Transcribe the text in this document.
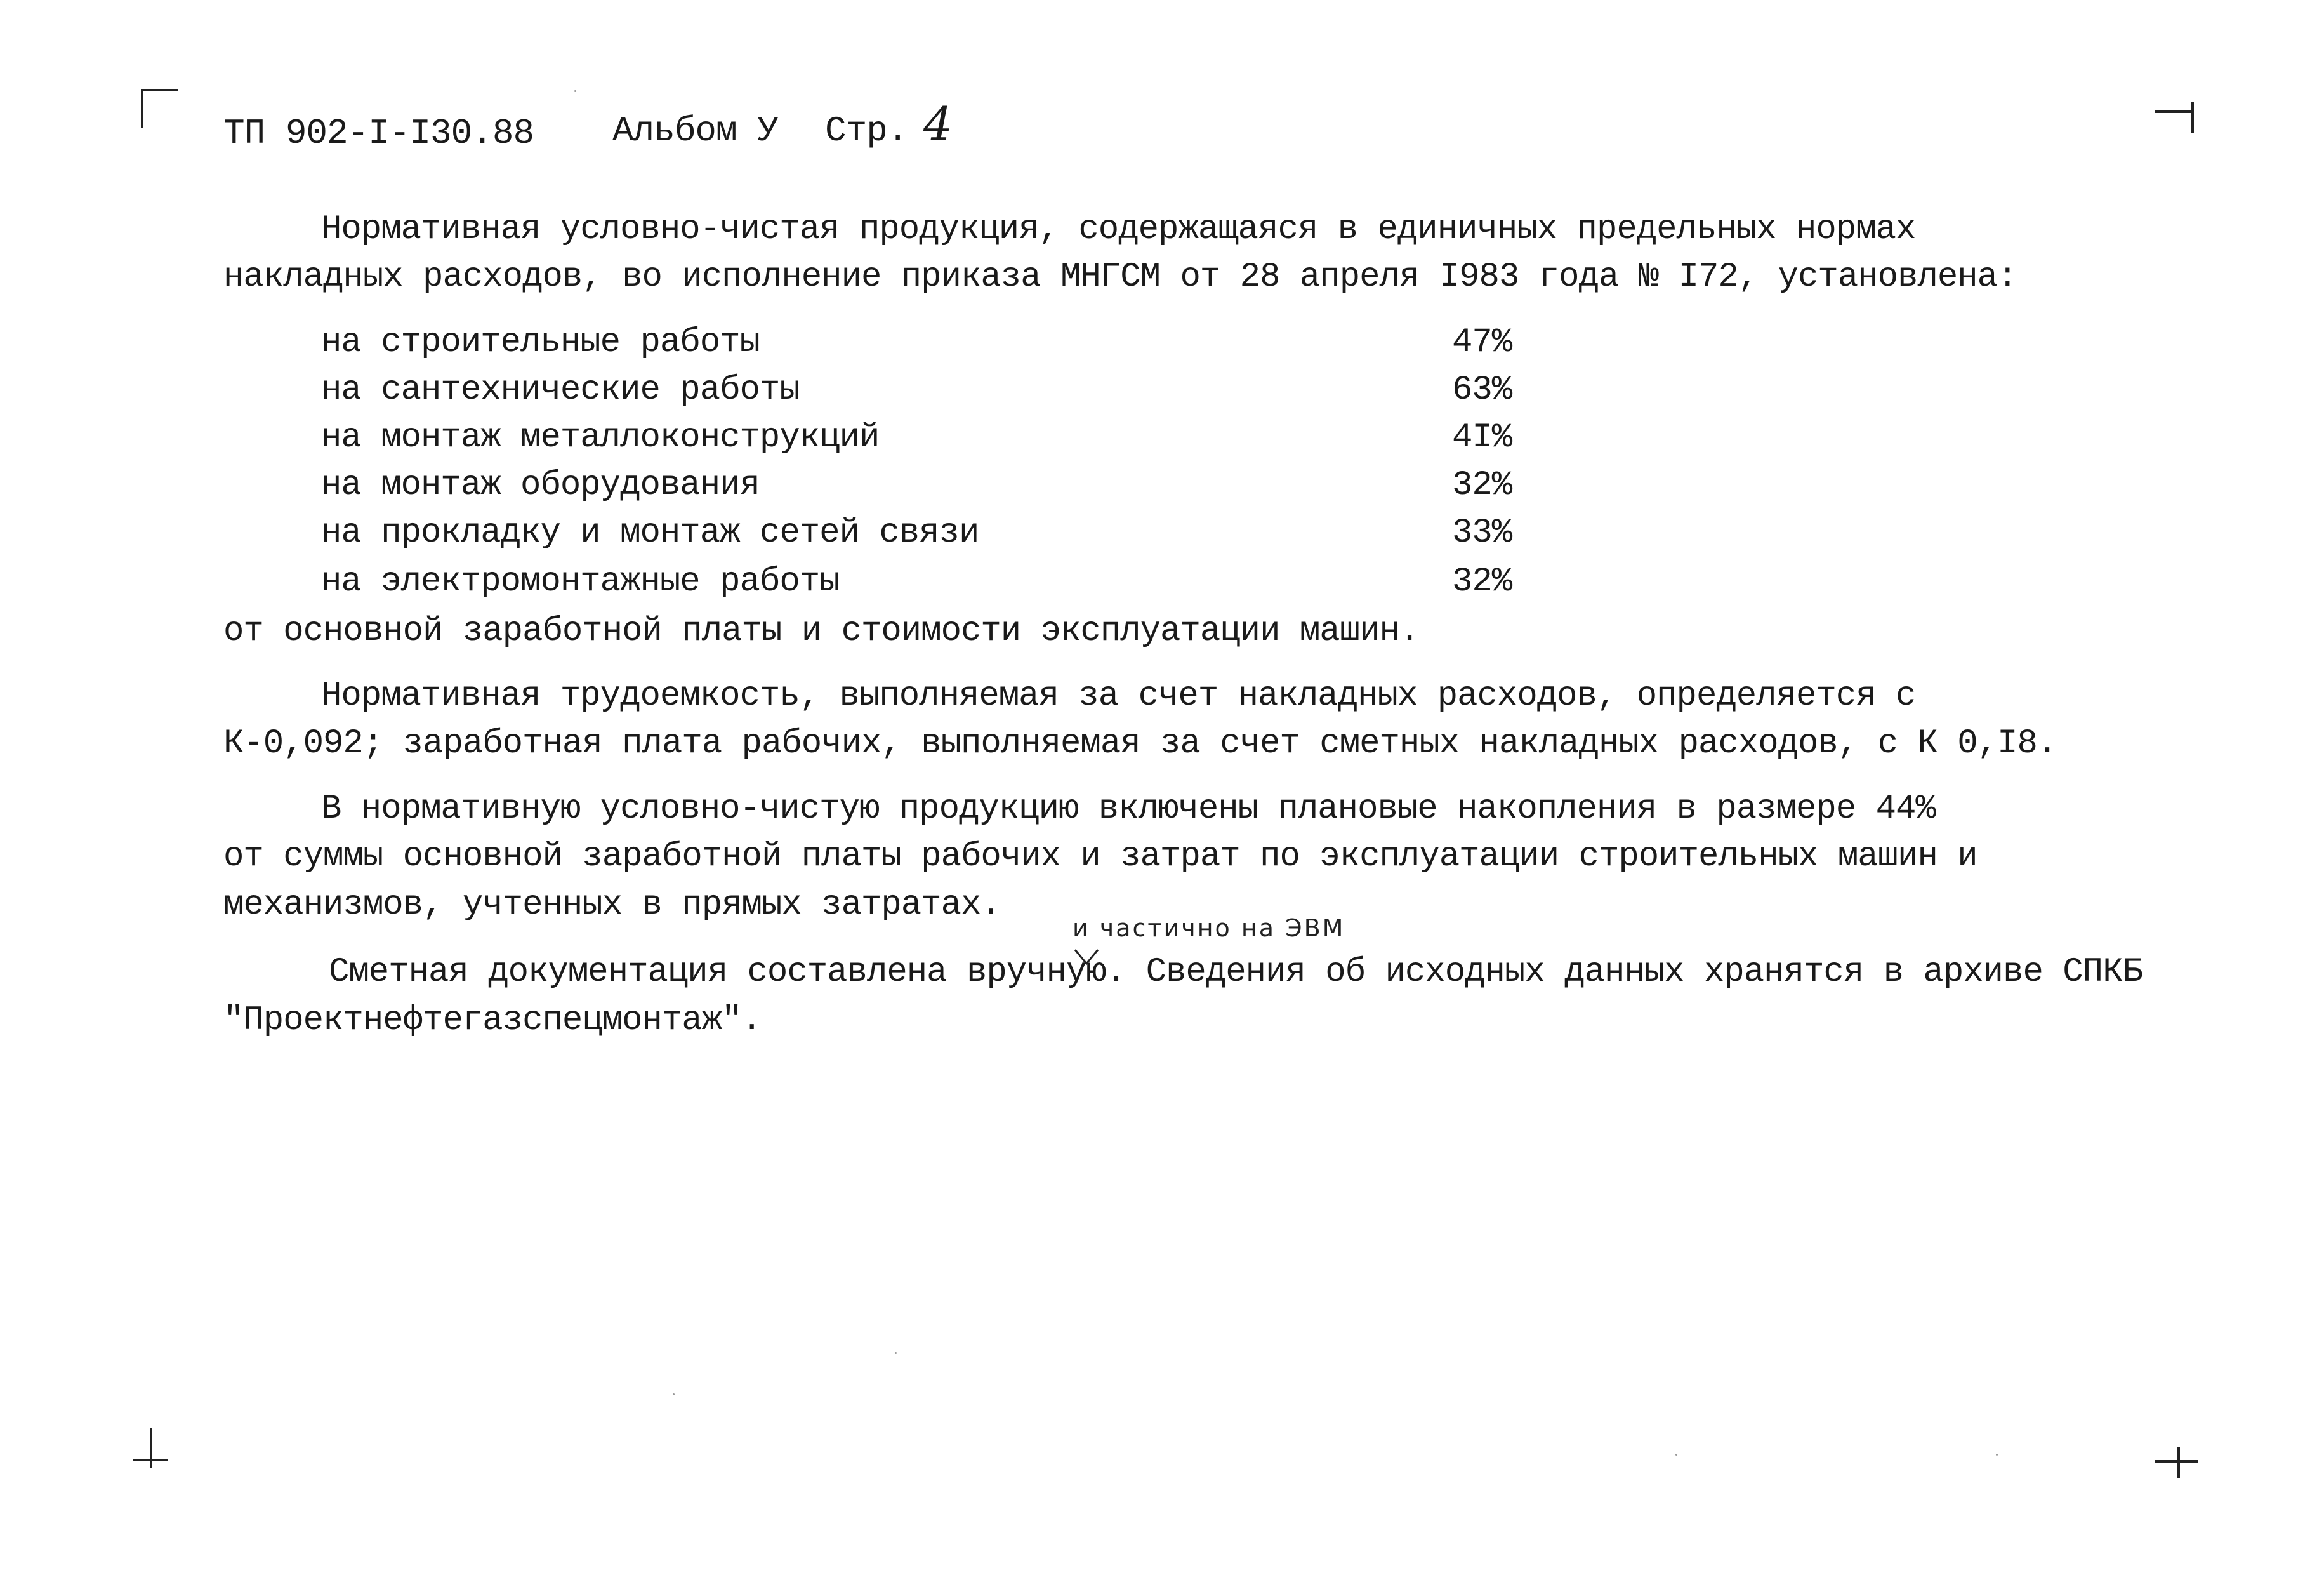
ТП 902-I-I30.88 Альбом У Стр. 4
Нормативная условно-чистая продукция, содержащаяся в единичных предельных нормах
накладных расходов, во исполнение приказа МНГСМ от 28 апреля I983 года № I72, установлена:
на строительные работы	47%
на сантехнические работы	63%
на монтаж металлоконструкций	4I%
на монтаж оборудования	32%
на прокладку и монтаж сетей связи	33%
на электромонтажные работы	32%
от основной заработной платы и стоимости эксплуатации машин.
Нормативная трудоемкость, выполняемая за счет накладных расходов, определяется с
К-0,092; заработная плата рабочих, выполняемая за счет сметных накладных расходов, с К 0,I8.
В нормативную условно-чистую продукцию включены плановые накопления в размере 44%
от суммы основной заработной платы рабочих и затрат по эксплуатации строительных машин и
механизмов, учтенных в прямых затратах.
и частично на ЭВМ
Сметная документация составлена вручную. Сведения об исходных данных хранятся в архиве СПКБ
"Проектнефтегазспецмонтаж".
